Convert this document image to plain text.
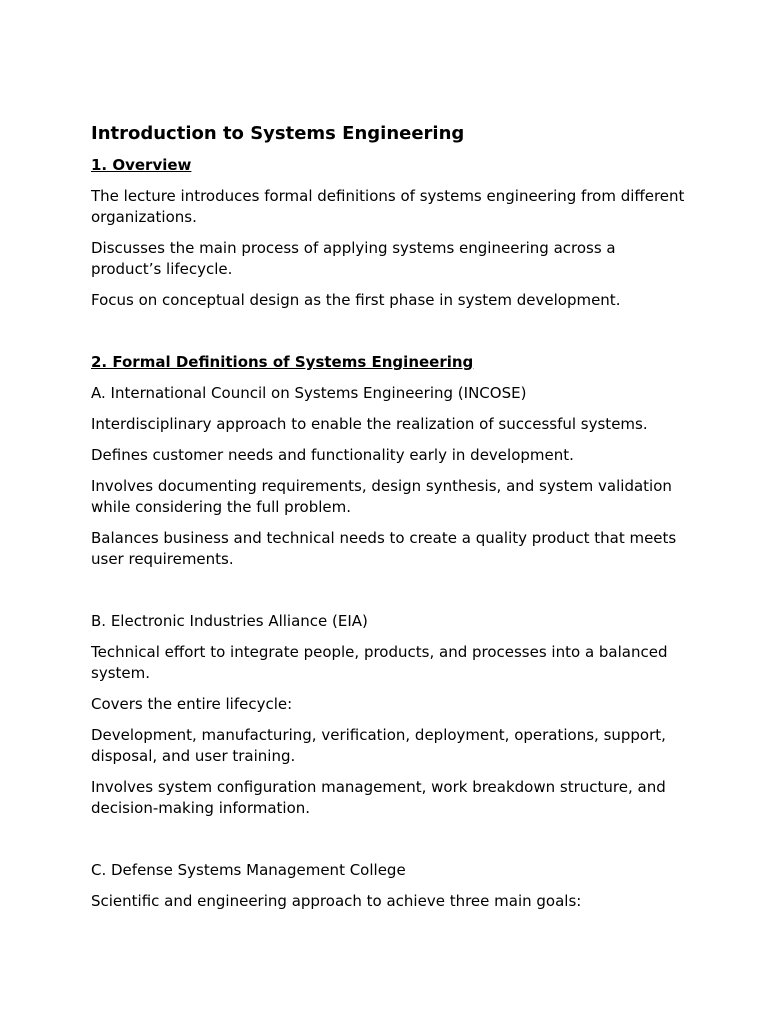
Introduction to Systems Engineering
1. Overview
The lecture introduces formal definitions of systems engineering from different organizations.
Discusses the main process of applying systems engineering across a product’s lifecycle.
Focus on conceptual design as the first phase in system development.
2. Formal Definitions of Systems Engineering
A. International Council on Systems Engineering (INCOSE)
Interdisciplinary approach to enable the realization of successful systems.
Defines customer needs and functionality early in development.
Involves documenting requirements, design synthesis, and system validation while considering the full problem.
Balances business and technical needs to create a quality product that meets user requirements.
B. Electronic Industries Alliance (EIA)
Technical effort to integrate people, products, and processes into a balanced system.
Covers the entire lifecycle:
Development, manufacturing, verification, deployment, operations, support, disposal, and user training.
Involves system configuration management, work breakdown structure, and decision-making information.
C. Defense Systems Management College
Scientific and engineering approach to achieve three main goals:
